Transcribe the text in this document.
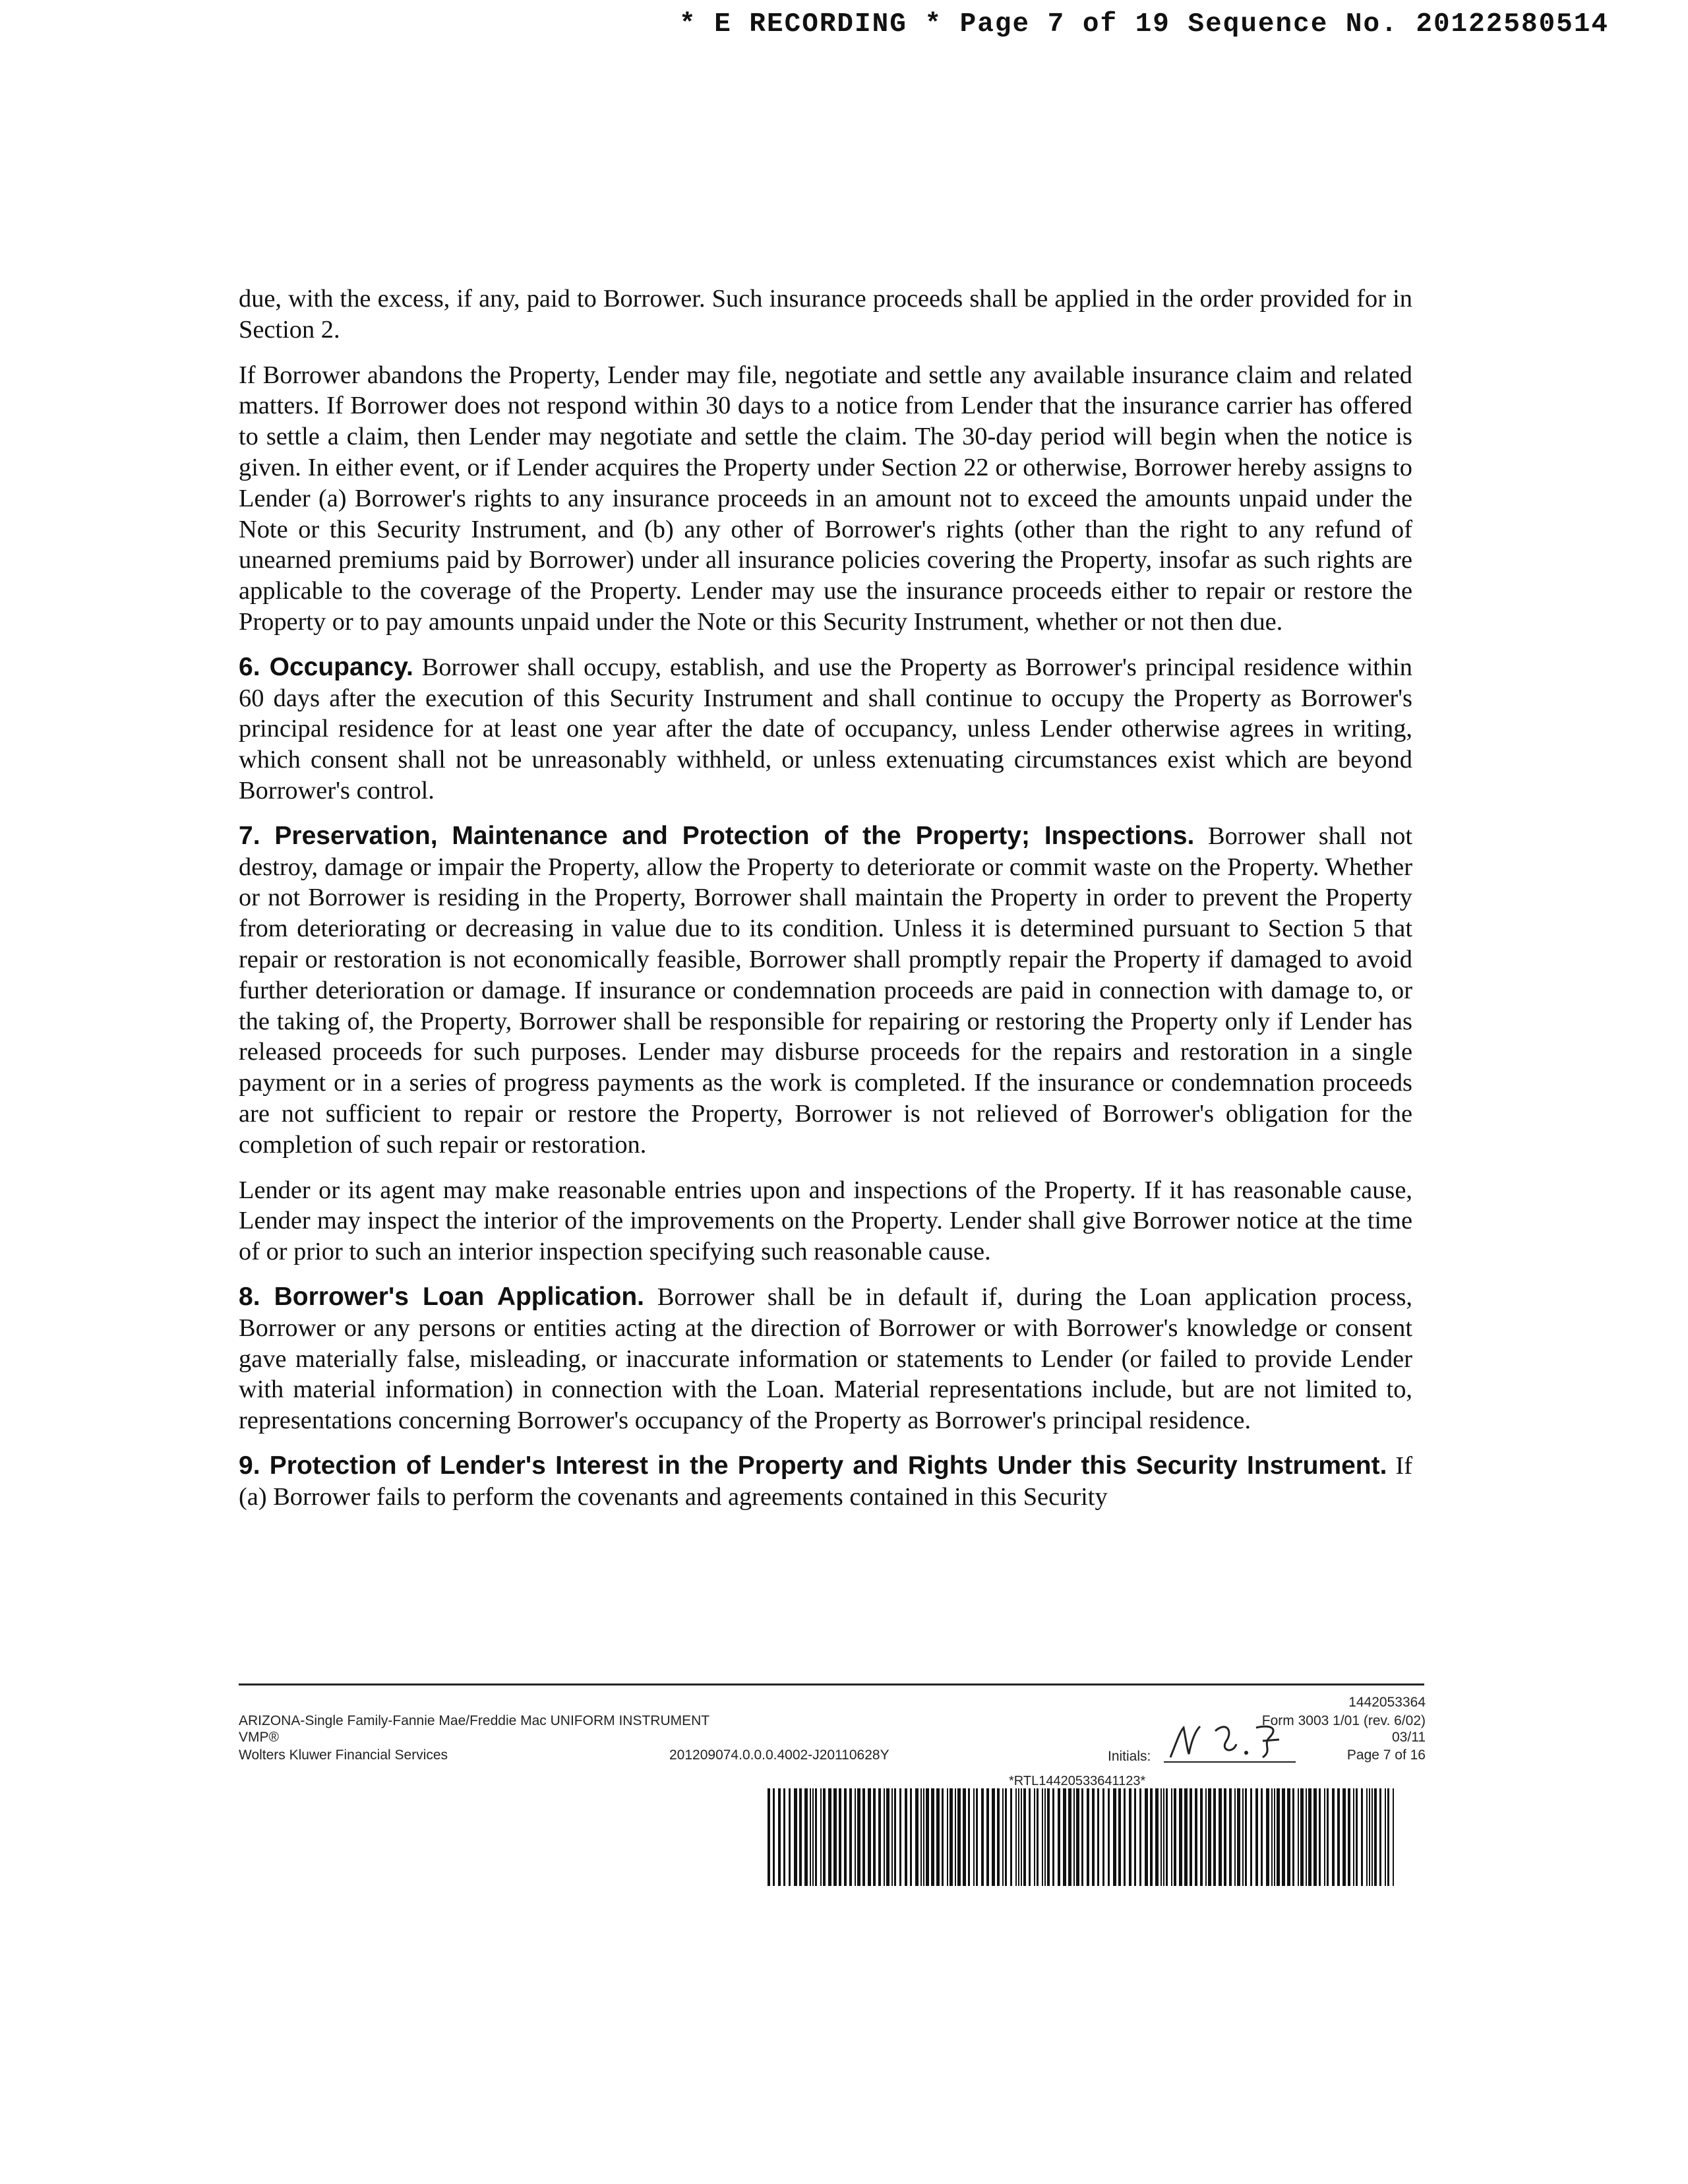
* E RECORDING * Page 7 of 19 Sequence No. 20122580514

due, with the excess, if any, paid to Borrower. Such insurance proceeds shall be applied in the order provided for in Section 2.

If Borrower abandons the Property, Lender may file, negotiate and settle any available insurance claim and related matters. If Borrower does not respond within 30 days to a notice from Lender that the insurance carrier has offered to settle a claim, then Lender may negotiate and settle the claim. The 30-day period will begin when the notice is given. In either event, or if Lender acquires the Property under Section 22 or otherwise, Borrower hereby assigns to Lender (a) Borrower's rights to any insurance proceeds in an amount not to exceed the amounts unpaid under the Note or this Security Instrument, and (b) any other of Borrower's rights (other than the right to any refund of unearned premiums paid by Borrower) under all insurance policies covering the Property, insofar as such rights are applicable to the coverage of the Property. Lender may use the insurance proceeds either to repair or restore the Property or to pay amounts unpaid under the Note or this Security Instrument, whether or not then due.

6. Occupancy. Borrower shall occupy, establish, and use the Property as Borrower's principal residence within 60 days after the execution of this Security Instrument and shall continue to occupy the Property as Borrower's principal residence for at least one year after the date of occupancy, unless Lender otherwise agrees in writing, which consent shall not be unreasonably withheld, or unless extenuating circumstances exist which are beyond Borrower's control.

7. Preservation, Maintenance and Protection of the Property; Inspections. Borrower shall not destroy, damage or impair the Property, allow the Property to deteriorate or commit waste on the Property. Whether or not Borrower is residing in the Property, Borrower shall maintain the Property in order to prevent the Property from deteriorating or decreasing in value due to its condition. Unless it is determined pursuant to Section 5 that repair or restoration is not economically feasible, Borrower shall promptly repair the Property if damaged to avoid further deterioration or damage. If insurance or condemnation proceeds are paid in connection with damage to, or the taking of, the Property, Borrower shall be responsible for repairing or restoring the Property only if Lender has released proceeds for such purposes. Lender may disburse proceeds for the repairs and restoration in a single payment or in a series of progress payments as the work is completed. If the insurance or condemnation proceeds are not sufficient to repair or restore the Property, Borrower is not relieved of Borrower's obligation for the completion of such repair or restoration.

Lender or its agent may make reasonable entries upon and inspections of the Property. If it has reasonable cause, Lender may inspect the interior of the improvements on the Property. Lender shall give Borrower notice at the time of or prior to such an interior inspection specifying such reasonable cause.

8. Borrower's Loan Application. Borrower shall be in default if, during the Loan application process, Borrower or any persons or entities acting at the direction of Borrower or with Borrower's knowledge or consent gave materially false, misleading, or inaccurate information or statements to Lender (or failed to provide Lender with material information) in connection with the Loan. Material representations include, but are not limited to, representations concerning Borrower's occupancy of the Property as Borrower's principal residence.

9. Protection of Lender's Interest in the Property and Rights Under this Security Instrument. If (a) Borrower fails to perform the covenants and agreements contained in this Security

ARIZONA-Single Family-Fannie Mae/Freddie Mac UNIFORM INSTRUMENT
VMP®
Wolters Kluwer Financial Services	201209074.0.0.0.4002-J20110628Y
1442053364
Form 3003 1/01 (rev. 6/02)
03/11
Initials:	Page 7 of 16
*RTL14420533641123*
